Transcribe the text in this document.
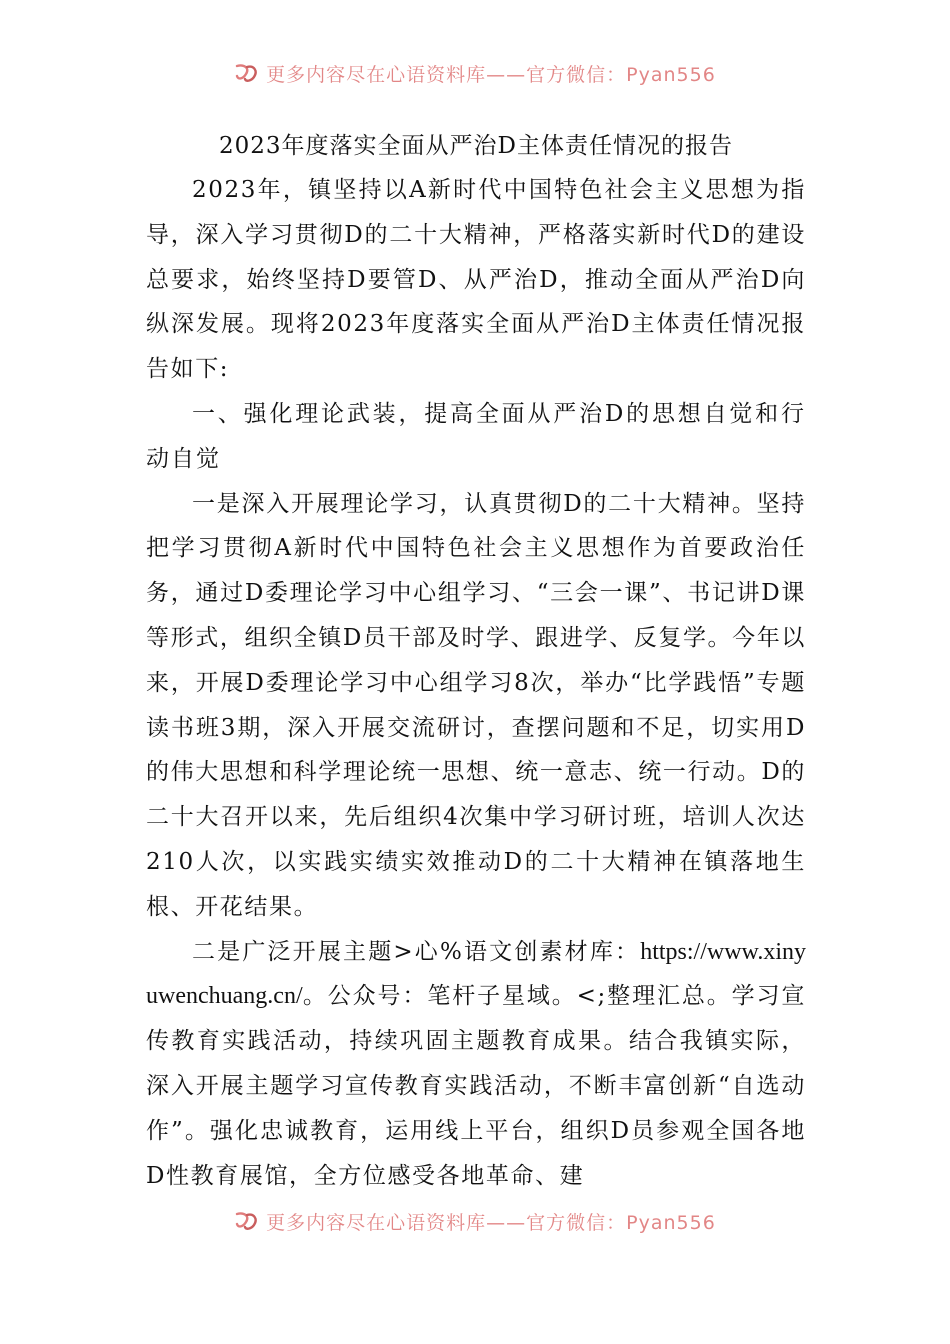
更多内容尽在心语资料库——官方微信：Pyan556
2023年度落实全面从严治D主体责任情况的报告

2023年，镇坚持以A新时代中国特色社会主义思想为指导，深入学习贯彻D的二十大精神，严格落实新时代D的建设总要求，始终坚持D要管D、从严治D，推动全面从严治D向纵深发展。现将2023年度落实全面从严治D主体责任情况报告如下:

一、强化理论武装，提高全面从严治D的思想自觉和行动自觉

一是深入开展理论学习，认真贯彻D的二十大精神。坚持把学习贯彻A新时代中国特色社会主义思想作为首要政治任务，通过D委理论学习中心组学习、“三会一课”、书记讲D课等形式，组织全镇D员干部及时学、跟进学、反复学。今年以来，开展D委理论学习中心组学习8次，举办“比学践悟”专题读书班3期，深入开展交流研讨，查摆问题和不足，切实用D的伟大思想和科学理论统一思想、统一意志、统一行动。D的二十大召开以来，先后组织4次集中学习研讨班，培训人次达210人次，以实践实绩实效推动D的二十大精神在镇落地生根、开花结果。

二是广泛开展主题>心%语文创素材库：https://www.xinyuwenchuang.cn/。公众号：笔杆子星域。<;整理汇总。学习宣传教育实践活动，持续巩固主题教育成果。结合我镇实际，深入开展主题学习宣传教育实践活动，不断丰富创新“自选动作”。强化忠诚教育，运用线上平台，组织D员参观全国各地D性教育展馆，全方位感受各地革命、建

更多内容尽在心语资料库——官方微信：Pyan556
